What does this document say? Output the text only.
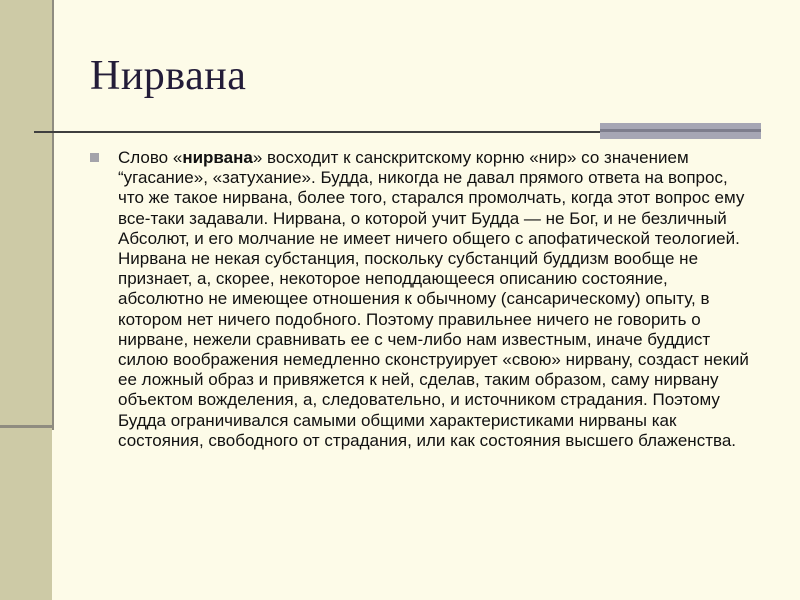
Нирвана

Слово «нирвана» восходит к санскритскому корню «нир» со значением “угасание», «затухание». Будда, никогда не давал прямого ответа на вопрос, что же такое нирвана, более того, старался промолчать, когда этот вопрос ему все-таки задавали. Нирвана, о которой учит Будда — не Бог, и не безличный Абсолют, и его молчание не имеет ничего общего с апофатической теологией. Нирвана не некая субстанция, поскольку субстанций буддизм вообще не признает, а, скорее, некоторое неподдающееся описанию состояние, абсолютно не имеющее отношения к обычному (сансарическому) опыту, в котором нет ничего подобного. Поэтому правильнее ничего не говорить о нирване, нежели сравнивать ее с чем-либо нам известным, иначе буддист силою воображения немедленно сконструирует «свою» нирвану, создаст некий ее ложный образ и привяжется к ней, сделав, таким образом, саму нирвану объектом вожделения, а, следовательно, и источником страдания. Поэтому Будда ограничивался самыми общими характеристиками нирваны как состояния, свободного от страдания, или как состояния высшего блаженства.
